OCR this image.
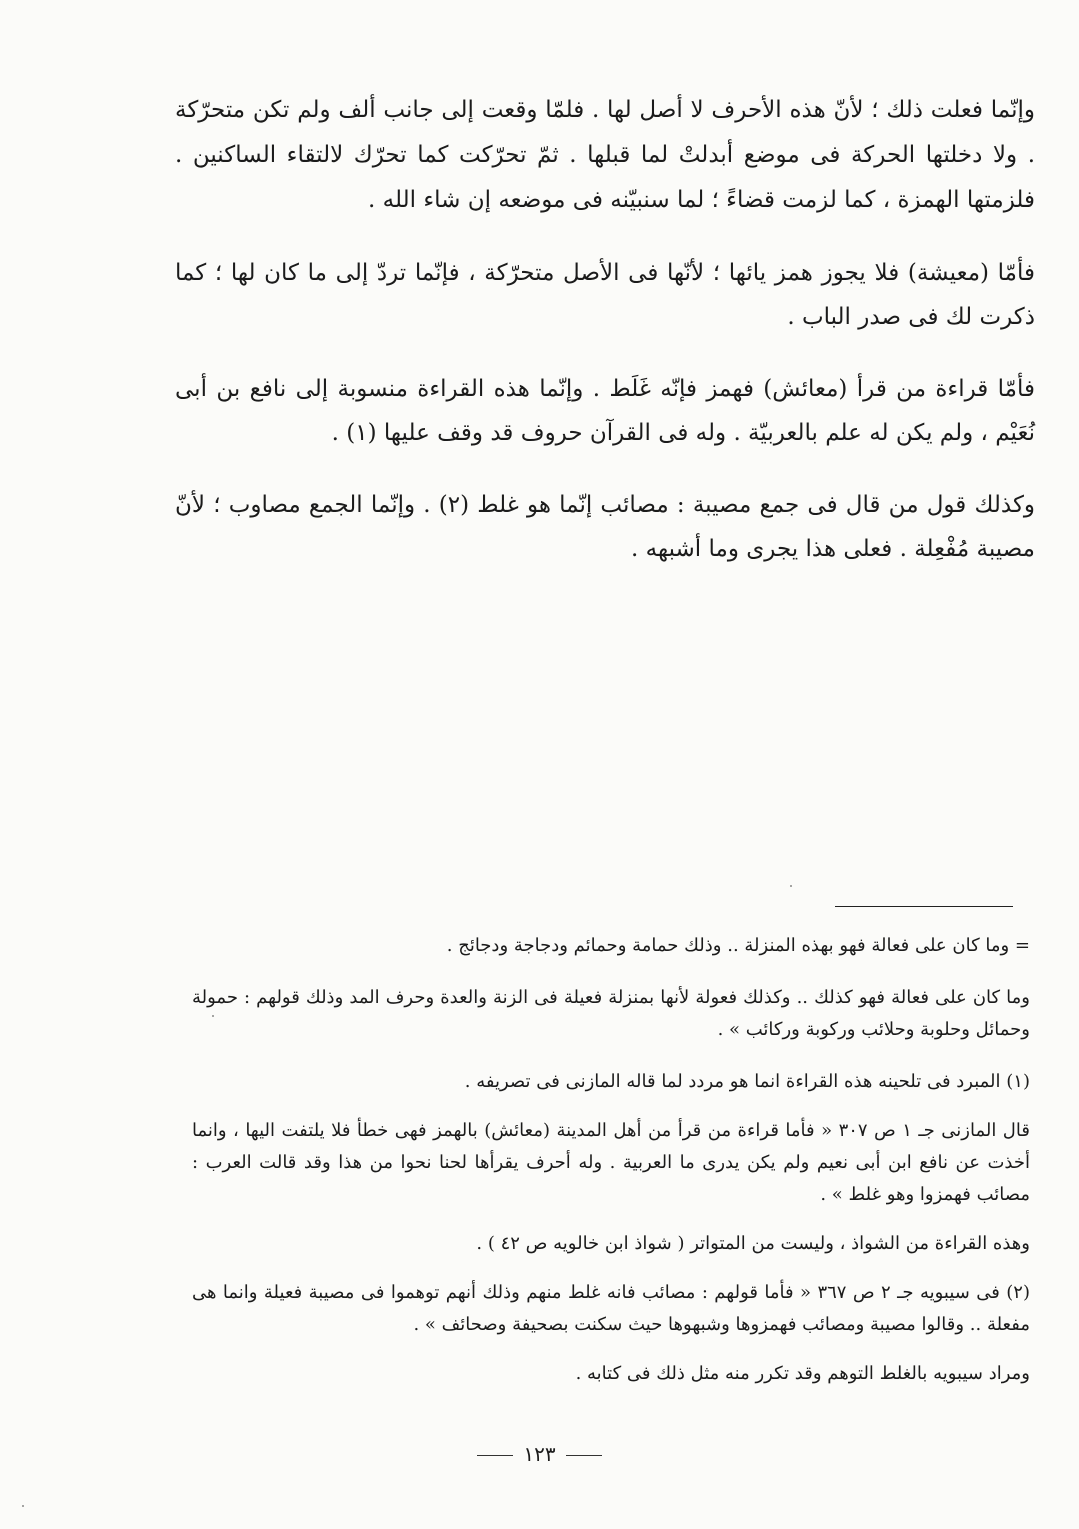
وإنّما فعلت ذلك ؛ لأنّ هذه الأحرف لا أصل لها . فلمّا وقعت إلى جانب ألف ولم تكن متحرّكة . ولا دخلتها الحركة فى موضع أبدلتْ لما قبلها . ثمّ تحرّكت كما تحرّك لالتقاء الساكنين . فلزمتها الهمزة ، كما لزمت قضاءً ؛ لما سنبيّنه فى موضعه إن شاء الله .

فأمّا (معيشة) فلا يجوز همز يائها ؛ لأنّها فى الأصل متحرّكة ، فإنّما تردّ إلى ما كان لها ؛ كما ذكرت لك فى صدر الباب .

فأمّا قراءة من قرأ (معائش) فهمز فإنّه غَلَط . وإنّما هذه القراءة منسوبة إلى نافع بن أبى نُعَيْم ، ولم يكن له علم بالعربيّة . وله فى القرآن حروف قد وقف عليها (١) .

وكذلك قول من قال فى جمع مصيبة : مصائب إنّما هو غلط (٢) . وإنّما الجمع مصاوب ؛ لأنّ مصيبة مُفْعِلة . فعلى هذا يجرى وما أشبهه .

= وما كان على فعالة فهو بهذه المنزلة .. وذلك حمامة وحمائم ودجاجة ودجائج .

وما كان على فعالة فهو كذلك .. وكذلك فعولة لأنها بمنزلة فعيلة فى الزنة والعدة وحرف المد وذلك قولهم : حمولة وحمائل وحلوبة وحلائب وركوبة وركائب » .

(١) المبرد فى تلحينه هذه القراءة انما هو مردد لما قاله المازنى فى تصريفه .

قال المازنى جـ ١ ص ٣٠٧ « فأما قراءة من قرأ من أهل المدينة (معائش) بالهمز فهى خطأ فلا يلتفت اليها ، وانما أخذت عن نافع ابن أبى نعيم ولم يكن يدرى ما العربية . وله أحرف يقرأها لحنا نحوا من هذا وقد قالت العرب : مصائب فهمزوا وهو غلط » .

وهذه القراءة من الشواذ ، وليست من المتواتر ( شواذ ابن خالويه ص ٤٢ ) .

(٢) فى سيبويه جـ ٢ ص ٣٦٧ « فأما قولهم : مصائب فانه غلط منهم وذلك أنهم توهموا فى مصيبة فعيلة وانما هى مفعلة .. وقالوا مصيبة ومصائب فهمزوها وشبهوها حيث سكنت بصحيفة وصحائف » .

ومراد سيبويه بالغلط التوهم وقد تكرر منه مثل ذلك فى كتابه .

١٢٣
